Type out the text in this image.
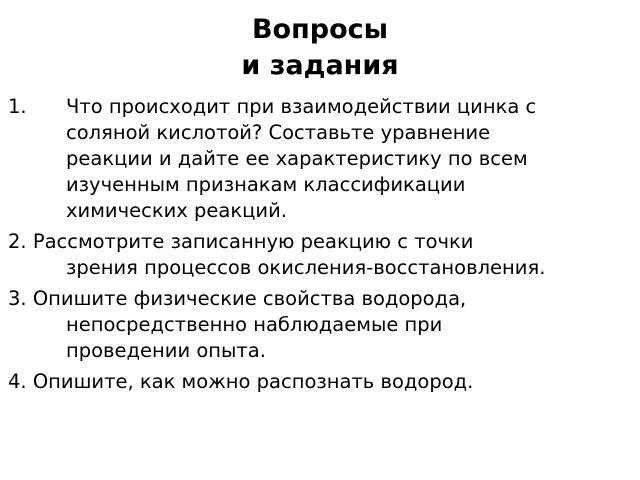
Вопросы
и задания
1. Что происходит при взаимодействии цинка с
соляной кислотой? Составьте уравнение
реакции и дайте ее характеристику по всем
изученным признакам классификации
химических реакций.
2. Рассмотрите записанную реакцию с точки
зрения процессов окисления-восстановления.
3. Опишите физические свойства водорода,
непосредственно наблюдаемые при
проведении опыта.
4. Опишите, как можно распознать водород.
